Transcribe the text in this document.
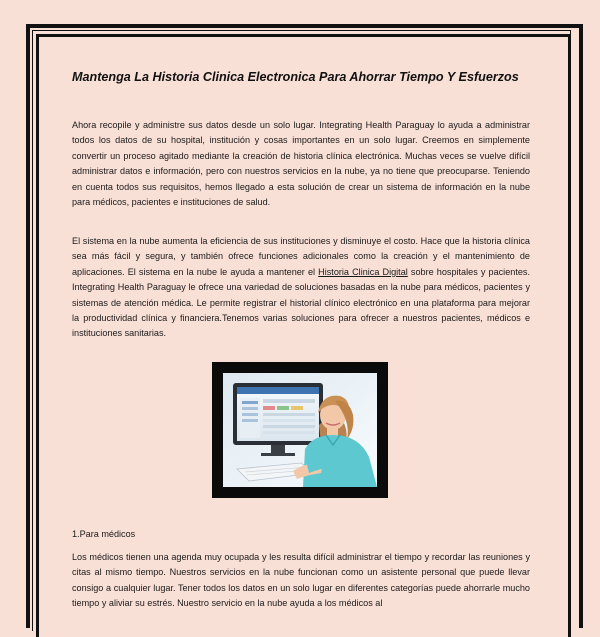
Mantenga La Historia Clinica Electronica Para Ahorrar Tiempo Y Esfuerzos
Ahora recopile y administre sus datos desde un solo lugar. Integrating Health Paraguay lo ayuda a administrar todos los datos de su hospital, institución y cosas importantes en un solo lugar. Creemos en simplemente convertir un proceso agitado mediante la creación de historia clínica electrónica. Muchas veces se vuelve difícil administrar datos e información, pero con nuestros servicios en la nube, ya no tiene que preocuparse. Teniendo en cuenta todos sus requisitos, hemos llegado a esta solución de crear un sistema de información en la nube para médicos, pacientes e instituciones de salud.
El sistema en la nube aumenta la eficiencia de sus instituciones y disminuye el costo. Hace que la historia clínica sea más fácil y segura, y también ofrece funciones adicionales como la creación y el mantenimiento de aplicaciones. El sistema en la nube le ayuda a mantener el Historia Clinica Digital sobre hospitales y pacientes. Integrating Health Paraguay le ofrece una variedad de soluciones basadas en la nube para médicos, pacientes y sistemas de atención médica. Le permite registrar el historial clínico electrónico en una plataforma para mejorar la productividad clínica y financiera.Tenemos varias soluciones para ofrecer a nuestros pacientes, médicos e instituciones sanitarias.
1.Para médicos
Los médicos tienen una agenda muy ocupada y les resulta difícil administrar el tiempo y recordar las reuniones y citas al mismo tiempo. Nuestros servicios en la nube funcionan como un asistente personal que puede llevar consigo a cualquier lugar. Tener todos los datos en un solo lugar en diferentes categorías puede ahorrarle mucho tiempo y aliviar su estrés. Nuestro servicio en la nube ayuda a los médicos al
